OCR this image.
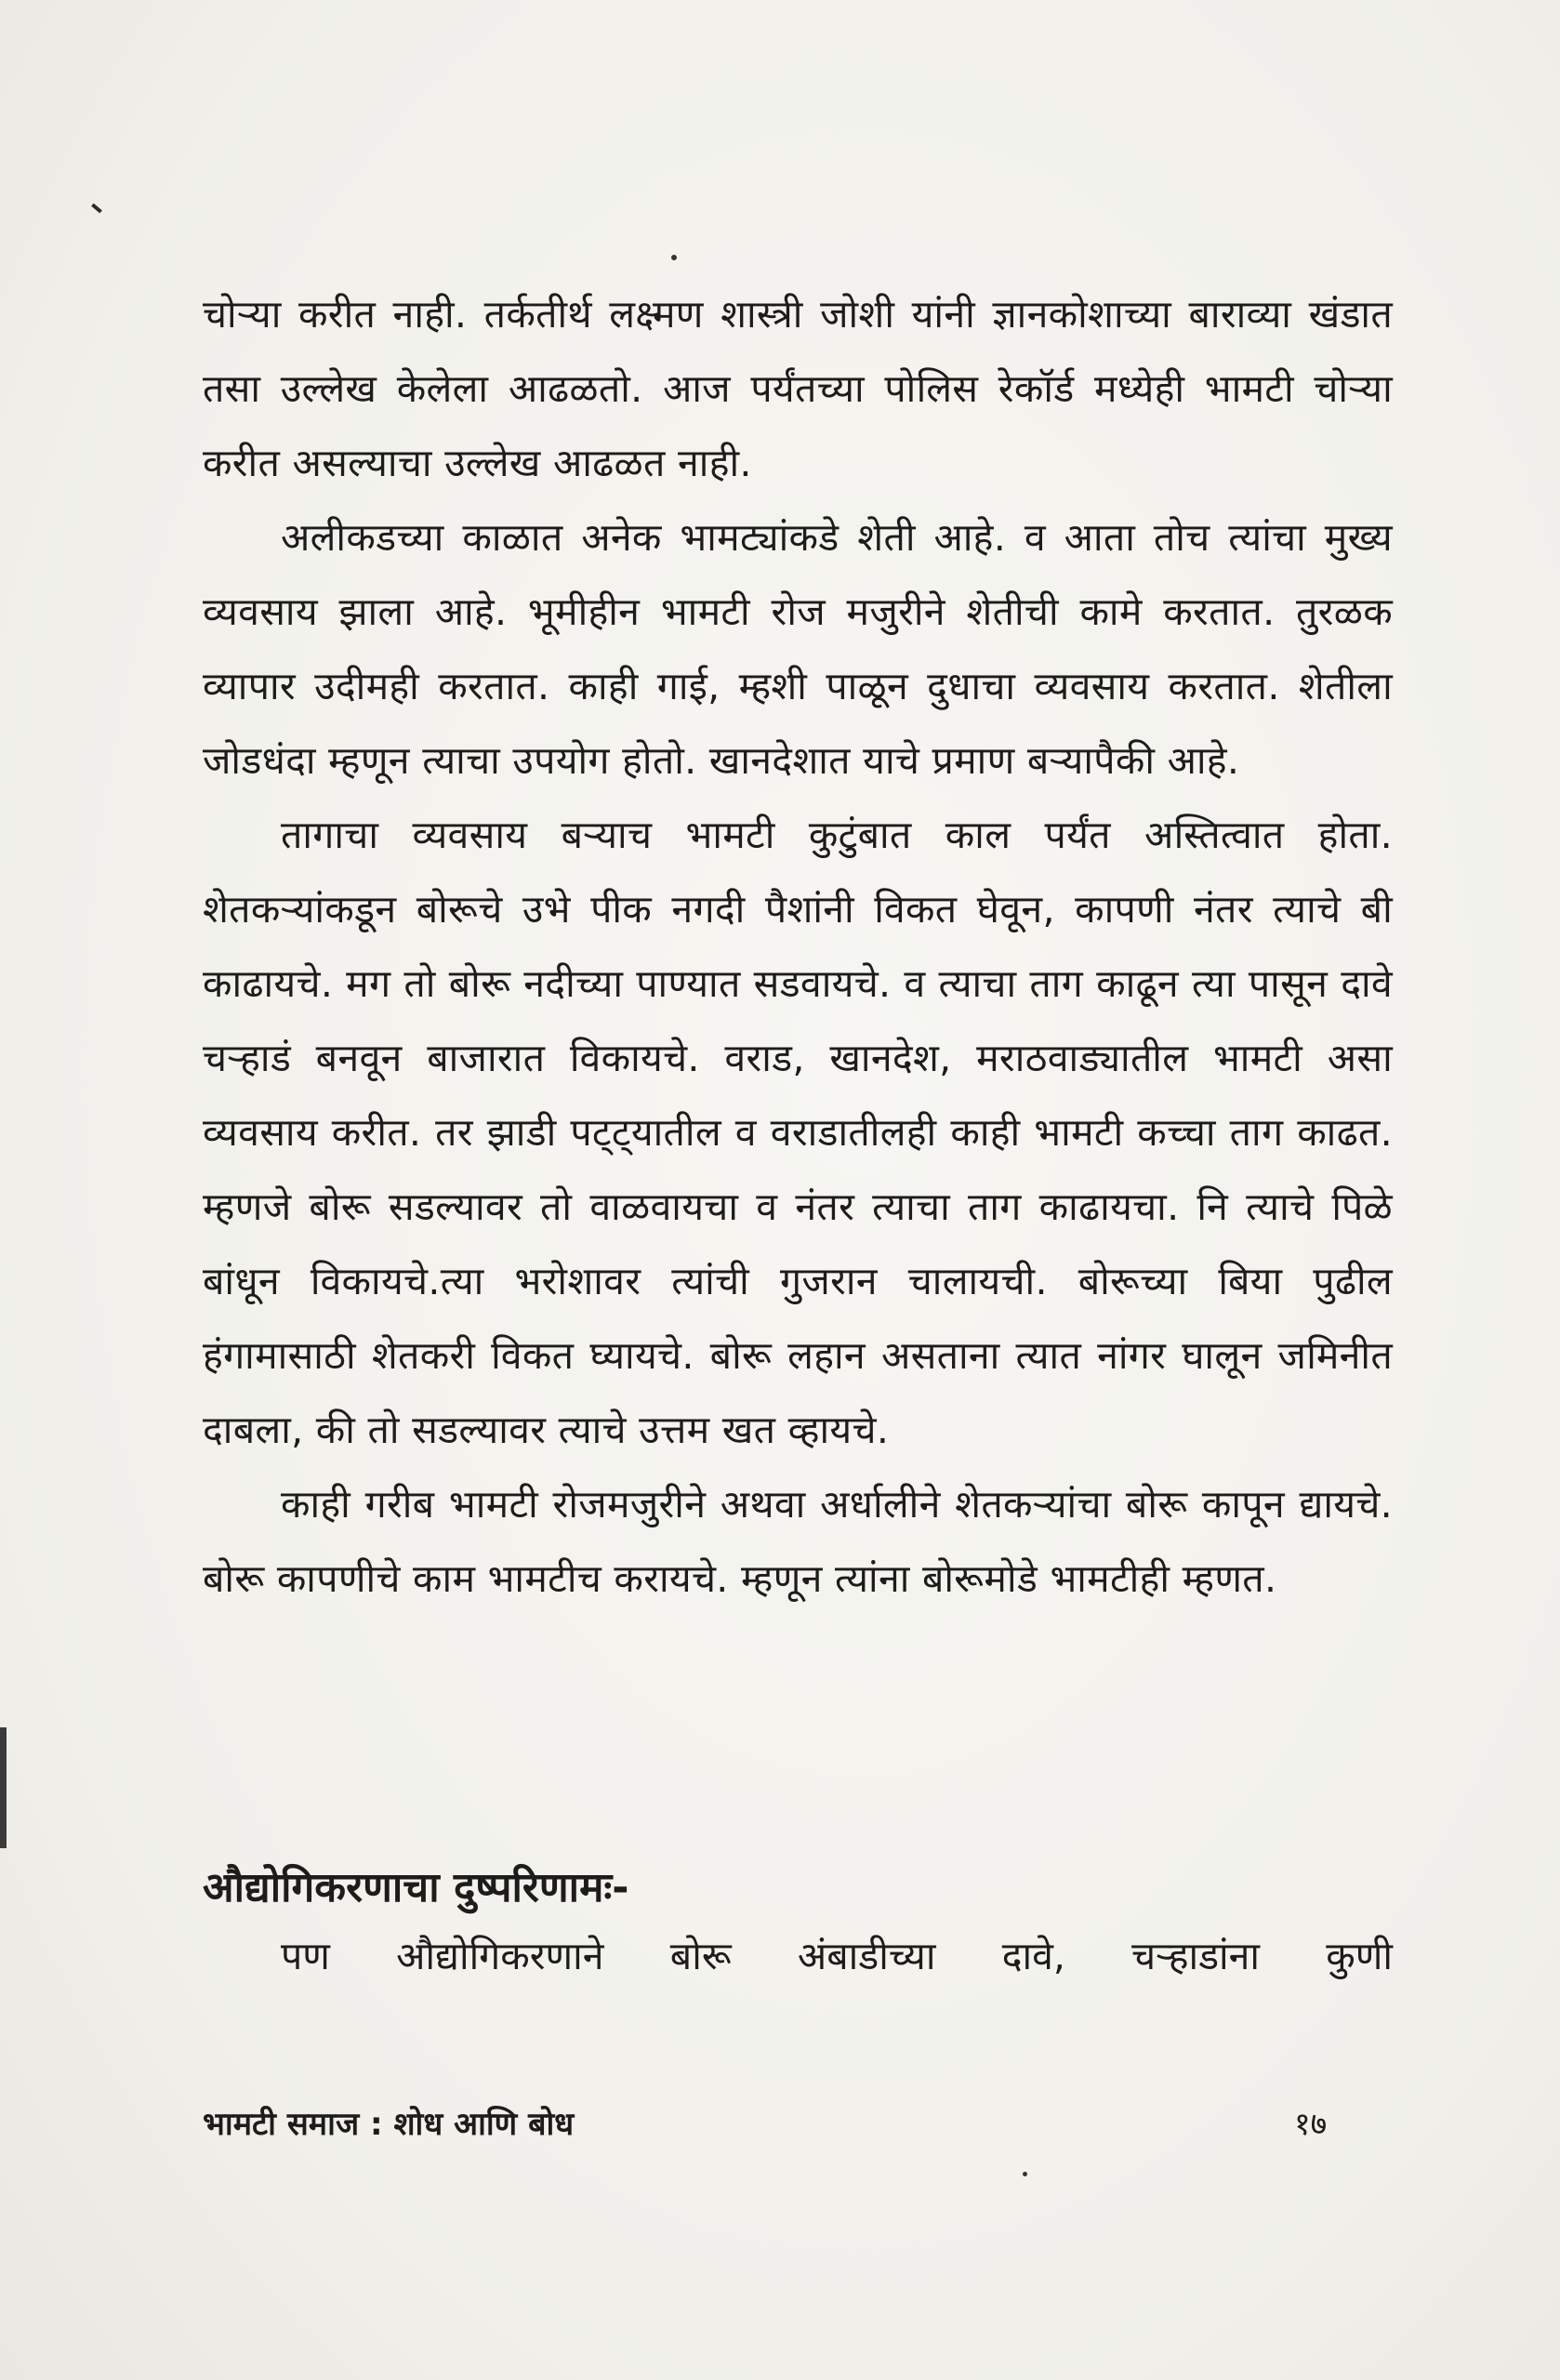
चोऱ्या करीत नाही. तर्कतीर्थ लक्ष्मण शास्त्री जोशी यांनी ज्ञानकोशाच्या बाराव्या खंडात तसा उल्लेख केलेला आढळतो. आज पर्यंतच्या पोलिस रेकॉर्ड मध्येही भामटी चोऱ्या करीत असल्याचा उल्लेख आढळत नाही.

अलीकडच्या काळात अनेक भामट्यांकडे शेती आहे. व आता तोच त्यांचा मुख्य व्यवसाय झाला आहे. भूमीहीन भामटी रोज मजुरीने शेतीची कामे करतात. तुरळक व्यापार उदीमही करतात. काही गाई, म्हशी पाळून दुधाचा व्यवसाय करतात. शेतीला जोडधंदा म्हणून त्याचा उपयोग होतो. खानदेशात याचे प्रमाण बऱ्यापैकी आहे.

तागाचा व्यवसाय बऱ्याच भामटी कुटुंबात काल पर्यंत अस्तित्वात होता. शेतकऱ्यांकडून बोरूचे उभे पीक नगदी पैशांनी विकत घेवून, कापणी नंतर त्याचे बी काढायचे. मग तो बोरू नदीच्या पाण्यात सडवायचे. व त्याचा ताग काढून त्या पासून दावे चऱ्हाडं बनवून बाजारात विकायचे. वराड, खानदेश, मराठवाड्यातील भामटी असा व्यवसाय करीत. तर झाडी पट्ट्यातील व वराडातीलही काही भामटी कच्चा ताग काढत. म्हणजे बोरू सडल्यावर तो वाळवायचा व नंतर त्याचा ताग काढायचा. नि त्याचे पिळे बांधून विकायचे.त्या भरोशावर त्यांची गुजरान चालायची. बोरूच्या बिया पुढील हंगामासाठी शेतकरी विकत घ्यायचे. बोरू लहान असताना त्यात नांगर घालून जमिनीत दाबला, की तो सडल्यावर त्याचे उत्तम खत व्हायचे.

काही गरीब भामटी रोजमजुरीने अथवा अर्धालीने शेतकऱ्यांचा बोरू कापून द्यायचे. बोरू कापणीचे काम भामटीच करायचे. म्हणून त्यांना बोरूमोडे भामटीही म्हणत.

औद्योगिकरणाचा दुष्परिणामः-

पण औद्योगिकरणाने बोरू अंबाडीच्या दावे, चऱ्हाडांना कुणी

भामटी समाज : शोध आणि बोध	१७
